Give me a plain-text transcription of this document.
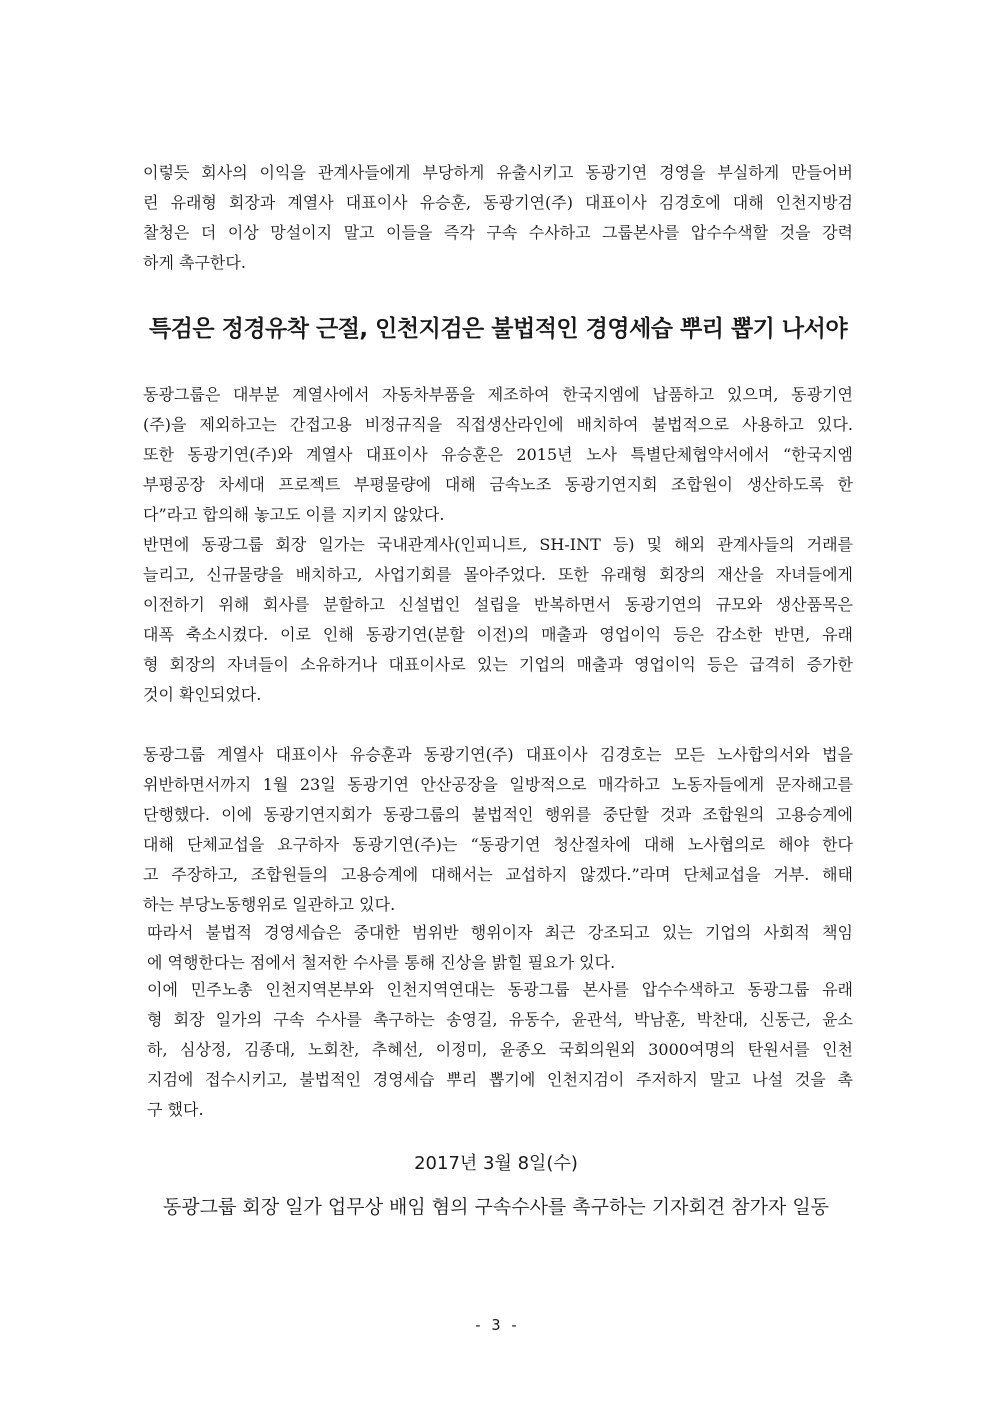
이렇듯 회사의 이익을 관계사들에게 부당하게 유출시키고 동광기연 경영을 부실하게 만들어버
린 유래형 회장과 계열사 대표이사 유승훈, 동광기연(주) 대표이사 김경호에 대해 인천지방검
찰청은 더 이상 망설이지 말고 이들을 즉각 구속 수사하고 그룹본사를 압수수색할 것을 강력
하게 촉구한다.
특검은 정경유착 근절, 인천지검은 불법적인 경영세습 뿌리 뽑기 나서야
동광그룹은 대부분 계열사에서 자동차부품을 제조하여 한국지엠에 납품하고 있으며, 동광기연
(주)을 제외하고는 간접고용 비정규직을 직접생산라인에 배치하여 불법적으로 사용하고 있다.
또한 동광기연(주)와 계열사 대표이사 유승훈은 2015년 노사 특별단체협약서에서 “한국지엠
부평공장 차세대 프로젝트 부평물량에 대해 금속노조 동광기연지회 조합원이 생산하도록 한
다”라고 합의해 놓고도 이를 지키지 않았다.
반면에 동광그룹 회장 일가는 국내관계사(인피니트, SH-INT 등) 및 해외 관계사들의 거래를
늘리고, 신규물량을 배치하고, 사업기회를 몰아주었다. 또한 유래형 회장의 재산을 자녀들에게
이전하기 위해 회사를 분할하고 신설법인 설립을 반복하면서 동광기연의 규모와 생산품목은
대폭 축소시켰다. 이로 인해 동광기연(분할 이전)의 매출과 영업이익 등은 감소한 반면, 유래
형 회장의 자녀들이 소유하거나 대표이사로 있는 기업의 매출과 영업이익 등은 급격히 증가한
것이 확인되었다.
동광그룹 계열사 대표이사 유승훈과 동광기연(주) 대표이사 김경호는 모든 노사합의서와 법을
위반하면서까지 1월 23일 동광기연 안산공장을 일방적으로 매각하고 노동자들에게 문자해고를
단행했다. 이에 동광기연지회가 동광그룹의 불법적인 행위를 중단할 것과 조합원의 고용승계에
대해 단체교섭을 요구하자 동광기연(주)는 “동광기연 청산절차에 대해 노사협의로 해야 한다
고 주장하고, 조합원들의 고용승계에 대해서는 교섭하지 않겠다.”라며 단체교섭을 거부. 해태
하는 부당노동행위로 일관하고 있다.
따라서 불법적 경영세습은 중대한 범위반 행위이자 최근 강조되고 있는 기업의 사회적 책임
에 역행한다는 점에서 철저한 수사를 통해 진상을 밝힐 필요가 있다.
이에 민주노총 인천지역본부와 인천지역연대는 동광그룹 본사를 압수수색하고 동광그룹 유래
형 회장 일가의 구속 수사를 촉구하는 송영길, 유동수, 윤관석, 박남훈, 박찬대, 신동근, 윤소
하, 심상정, 김종대, 노회찬, 추혜선, 이정미, 윤종오 국회의원외 3000여명의 탄원서를 인천
지검에 접수시키고, 불법적인 경영세습 뿌리 뽑기에 인천지검이 주저하지 말고 나설 것을 촉
구 했다.
2017년 3월 8일(수)
동광그룹 회장 일가 업무상 배임 혐의 구속수사를 촉구하는 기자회견 참가자 일동
- 3 -
